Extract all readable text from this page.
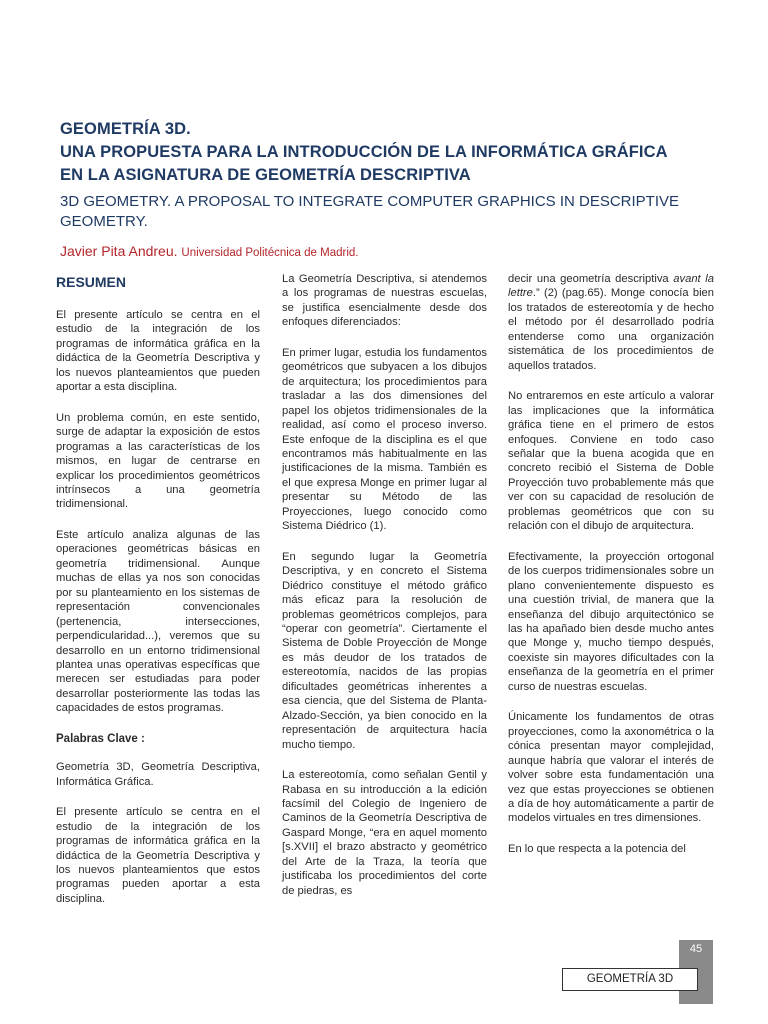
GEOMETRÍA 3D.
UNA PROPUESTA PARA LA INTRODUCCIÓN DE LA INFORMÁTICA GRÁFICA
EN LA ASIGNATURA DE GEOMETRÍA DESCRIPTIVA
3D GEOMETRY. A PROPOSAL TO INTEGRATE COMPUTER GRAPHICS IN DESCRIPTIVE GEOMETRY.
Javier Pita Andreu. Universidad Politécnica de Madrid.
RESUMEN

El presente artículo se centra en el estudio de la integración de los programas de informática gráfica en la didáctica de la Geometría Descriptiva y los nuevos planteamientos que pueden aportar a esta disciplina.

Un problema común, en este sentido, surge de adaptar la exposición de estos programas a las características de los mismos, en lugar de centrarse en explicar los procedimientos geométricos intrínsecos a una geometría tridimensional.

Este artículo analiza algunas de las operaciones geométricas básicas en geometría tridimensional. Aunque muchas de ellas ya nos son conocidas por su planteamiento en los sistemas de representación convencionales (pertenencia, intersecciones, perpendicularidad...), veremos que su desarrollo en un entorno tridimensional plantea unas operativas específicas que merecen ser estudiadas para poder desarrollar posteriormente las todas las capacidades de estos programas.

Palabras Clave :

Geometría 3D, Geometría Descriptiva, Informática Gráfica.

El presente artículo se centra en el estudio de la integración de los programas de informática gráfica en la didáctica de la Geometría Descriptiva y los nuevos planteamientos que estos programas pueden aportar a esta disciplina.

La Geometría Descriptiva, si atendemos a los programas de nuestras escuelas, se justifica esencialmente desde dos enfoques diferenciados:

En primer lugar, estudia los fundamentos geométricos que subyacen a los dibujos de arquitectura; los procedimientos para trasladar a las dos dimensiones del papel los objetos tridimensionales de la realidad, así como el proceso inverso. Este enfoque de la disciplina es el que encontramos más habitualmente en las justificaciones de la misma. También es el que expresa Monge en primer lugar al presentar su Método de las Proyecciones, luego conocido como Sistema Diédrico (1).

En segundo lugar la Geometría Descriptiva, y en concreto el Sistema Diédrico constituye el método gráfico más eficaz para la resolución de problemas geométricos complejos, para “operar con geometría”. Ciertamente el Sistema de Doble Proyección de Monge es más deudor de los tratados de estereotomía, nacidos de las propias dificultades geométricas inherentes a esa ciencia, que del Sistema de Planta-Alzado-Sección, ya bien conocido en la representación de arquitectura hacía mucho tiempo.

La estereotomía, como señalan Gentil y Rabasa en su introducción a la edición facsímil del Colegio de Ingeniero de Caminos de la Geometría Descriptiva de Gaspard Monge, “era en aquel momento [s.XVII] el brazo abstracto y geométrico del Arte de la Traza, la teoría que justificaba los procedimientos del corte de piedras, es

decir una geometría descriptiva avant la lettre.” (2) (pag.65). Monge conocía bien los tratados de estereotomía y de hecho el método por él desarrollado podría entenderse como una organización sistemática de los procedimientos de aquellos tratados.

No entraremos en este artículo a valorar las implicaciones que la informática gráfica tiene en el primero de estos enfoques. Conviene en todo caso señalar que la buena acogida que en concreto recibió el Sistema de Doble Proyección tuvo probablemente más que ver con su capacidad de resolución de problemas geométricos que con su relación con el dibujo de arquitectura.

Efectivamente, la proyección ortogonal de los cuerpos tridimensionales sobre un plano convenientemente dispuesto es una cuestión trivial, de manera que la enseñanza del dibujo arquitectónico se las ha apañado bien desde mucho antes que Monge y, mucho tiempo después, coexiste sin mayores dificultades con la enseñanza de la geometría en el primer curso de nuestras escuelas.

Únicamente los fundamentos de otras proyecciones, como la axonométrica o la cónica presentan mayor complejidad, aunque habría que valorar el interés de volver sobre esta fundamentación una vez que estas proyecciones se obtienen a día de hoy automáticamente a partir de modelos virtuales en tres dimensiones.

En lo que respecta a la potencia del

45
GEOMETRÍA 3D
